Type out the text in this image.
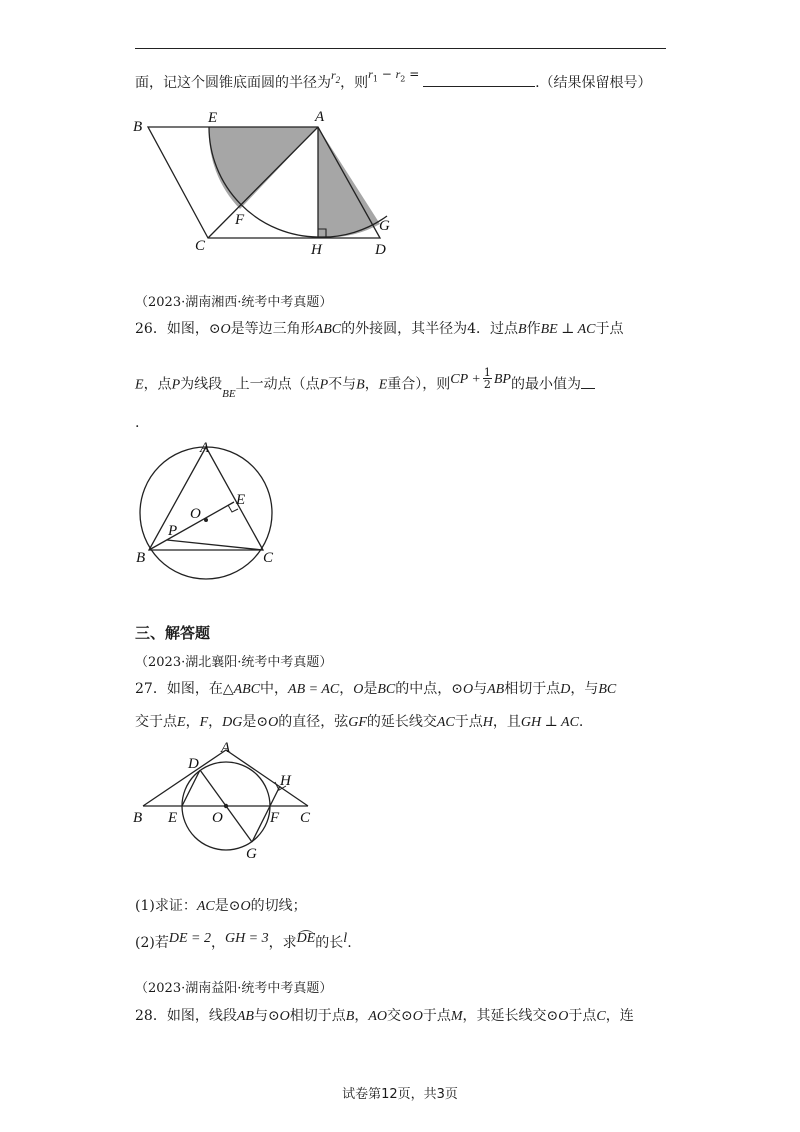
面，记这个圆锥底面圆的半径为$r_2$，则$r_1 - r_2$ = .（结果保留根号）
B
E	A
F	G
C	H	D
（2023·湖南湘西·统考中考真题）
26．如图，⊙O是等边三角形ABC的外接圆，其半径为4．过点B作BE ⊥ AC于点
E，点P为线段$_{BE}$上一动点（点P不与B，E重合），则CP + $\frac{1}{2}$ BP的最小值为
.
A
E
O
P
B	C
三、解答题
（2023·湖北襄阳·统考中考真题）
27．如图，在△ABC中，AB = AC，O是BC的中点，⊙O与AB相切于点D，与BC
交于点E，F，DG是⊙O的直径，弦GF的延长线交AC于点H，且GH ⊥ AC.
A
D
H
B E O	F C
G
(1)求证：AC是⊙O的切线；
(2)若DE = 2，GH = 3，求DE的长l.
（2023·湖南益阳·统考中考真题）
28．如图，线段AB与⊙O相切于点B，AO交⊙O于点M，其延长线交⊙O于点C，连
试卷第12页，共3页
